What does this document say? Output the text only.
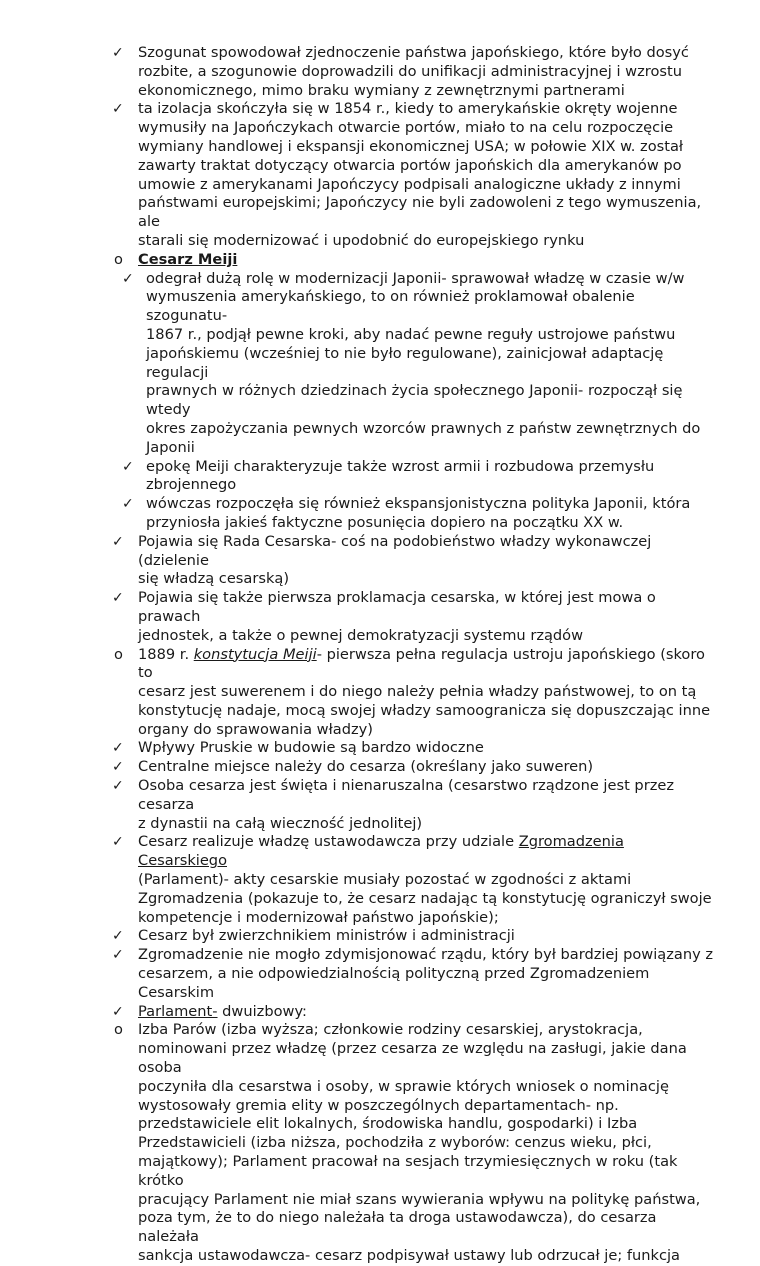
✓ Szogunat spowodował zjednoczenie państwa japońskiego, które było dosyć
rozbite, a szogunowie doprowadzili do unifikacji administracyjnej i wzrostu
ekonomicznego, mimo braku wymiany z zewnętrznymi partnerami
✓ ta izolacja skończyła się w 1854 r., kiedy to amerykańskie okręty wojenne
wymusiły na Japończykach otwarcie portów, miało to na celu rozpoczęcie
wymiany handlowej i ekspansji ekonomicznej USA; w połowie XIX w. został
zawarty traktat dotyczący otwarcia portów japońskich dla amerykanów po
umowie z amerykanami Japończycy podpisali analogiczne układy z innymi
państwami europejskimi; Japończycy nie byli zadowoleni z tego wymuszenia, ale
starali się modernizować i upodobnić do europejskiego rynku
o Cesarz Meiji
✓ odegrał dużą rolę w modernizacji Japonii- sprawował władzę w czasie w/w
wymuszenia amerykańskiego, to on również proklamował obalenie szogunatu-
1867 r., podjął pewne kroki, aby nadać pewne reguły ustrojowe państwu
japońskiemu (wcześniej to nie było regulowane), zainicjował adaptację regulacji
prawnych w różnych dziedzinach życia społecznego Japonii- rozpoczął się wtedy
okres zapożyczania pewnych wzorców prawnych z państw zewnętrznych do
Japonii
✓ epokę Meiji charakteryzuje także wzrost armii i rozbudowa przemysłu
zbrojennego
✓ wówczas rozpoczęła się również ekspansjonistyczna polityka Japonii, która
przyniosła jakieś faktyczne posunięcia dopiero na początku XX w.
✓ Pojawia się Rada Cesarska- coś na podobieństwo władzy wykonawczej (dzielenie
się władzą cesarską)
✓ Pojawia się także pierwsza proklamacja cesarska, w której jest mowa o prawach
jednostek, a także o pewnej demokratyzacji systemu rządów
o 1889 r. konstytucja Meiji- pierwsza pełna regulacja ustroju japońskiego (skoro to
cesarz jest suwerenem i do niego należy pełnia władzy państwowej, to on tą
konstytucję nadaje, mocą swojej władzy samoogranicza się dopuszczając inne
organy do sprawowania władzy)
✓ Wpływy Pruskie w budowie są bardzo widoczne
✓ Centralne miejsce należy do cesarza (określany jako suweren)
✓ Osoba cesarza jest święta i nienaruszalna (cesarstwo rządzone jest przez cesarza
z dynastii na całą wieczność jednolitej)
✓ Cesarz realizuje władzę ustawodawcza przy udziale Zgromadzenia Cesarskiego
(Parlament)- akty cesarskie musiały pozostać w zgodności z aktami
Zgromadzenia (pokazuje to, że cesarz nadając tą konstytucję ograniczył swoje
kompetencje i modernizował państwo japońskie);
✓ Cesarz był zwierzchnikiem ministrów i administracji
✓ Zgromadzenie nie mogło zdymisjonować rządu, który był bardziej powiązany z
cesarzem, a nie odpowiedzialnością polityczną przed Zgromadzeniem Cesarskim
✓ Parlament- dwuizbowy:
o Izba Parów (izba wyższa; członkowie rodziny cesarskiej, arystokracja,
nominowani przez władzę (przez cesarza ze względu na zasługi, jakie dana osoba
poczyniła dla cesarstwa i osoby, w sprawie których wniosek o nominację
wystosowały gremia elity w poszczególnych departamentach- np.
przedstawiciele elit lokalnych, środowiska handlu, gospodarki) i Izba
Przedstawicieli (izba niższa, pochodziła z wyborów: cenzus wieku, płci,
majątkowy); Parlament pracował na sesjach trzymiesięcznych w roku (tak krótko
pracujący Parlament nie miał szans wywierania wpływu na politykę państwa,
poza tym, że to do niego należała ta droga ustawodawcza), do cesarza należała
sankcja ustawodawcza- cesarz podpisywał ustawy lub odrzucał je; funkcja
